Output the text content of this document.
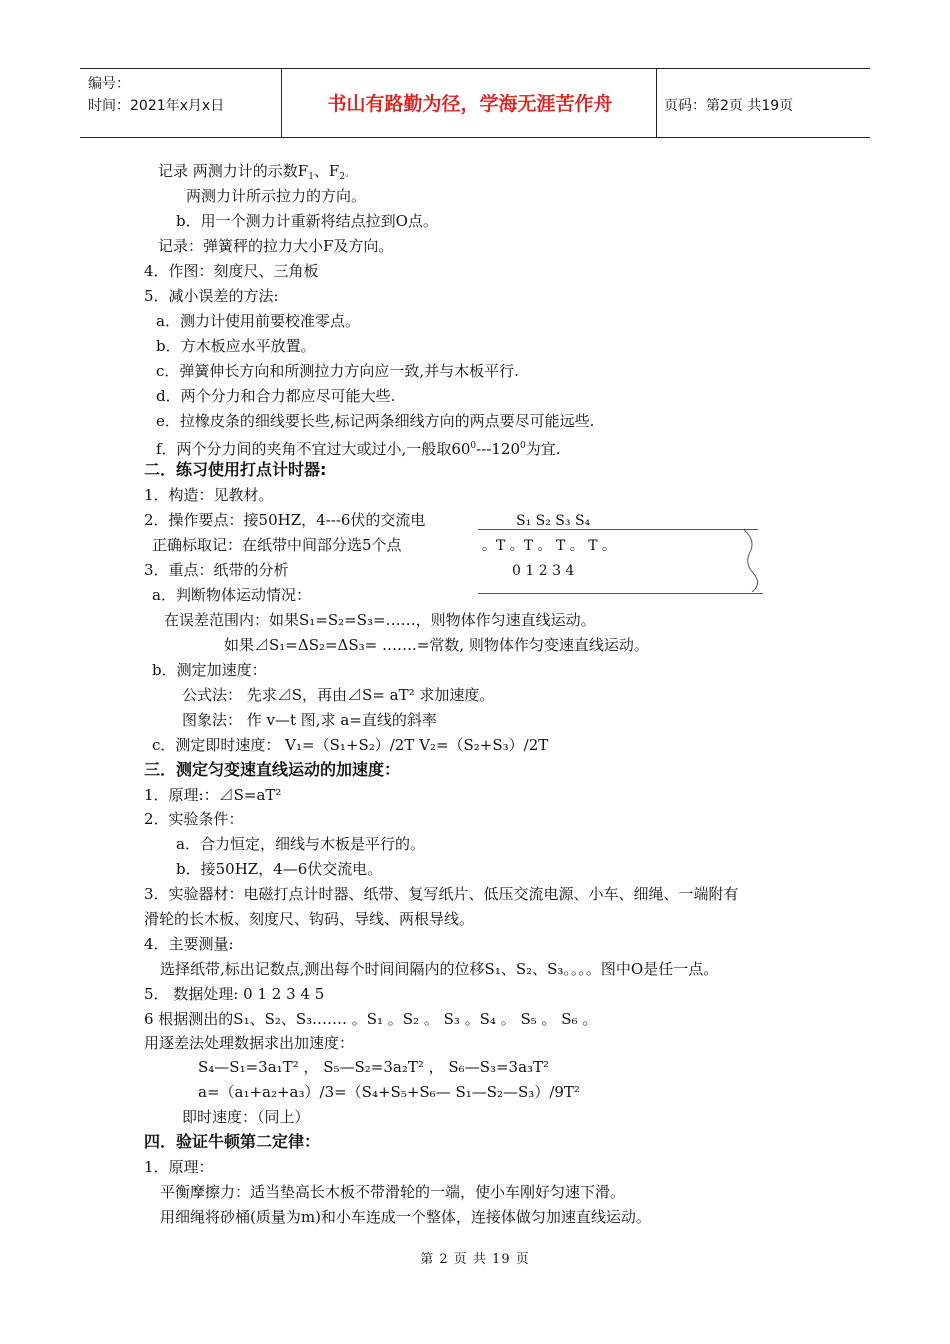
编号：
时间：2021年x月x日	书山有路勤为径，学海无涯苦作舟	页码：第2页 共19页
记录 两测力计的示数$F_1$、$F_2$。
两测力计所示拉力的方向。
b．用一个测力计重新将结点拉到O点。
记录：弹簧秤的拉力大小F及方向。
4．作图：刻度尺、三角板
5．减小误差的方法:
a．测力计使用前要校准零点。
b．方木板应水平放置。
c．弹簧伸长方向和所测拉力方向应一致,并与木板平行.
d．两个分力和合力都应尽可能大些.
e．拉橡皮条的细线要长些,标记两条细线方向的两点要尽可能远些.
f．两个分力间的夹角不宜过大或过小,一般取$60^0---120^0$为宜.
二．练习使用打点计时器:
1．构造：见教材。
2．操作要点：接50HZ，4---6伏的交流电
正确标取记：在纸带中间部分选5个点
3．重点：纸带的分析
S₁ S₂ S₃ S₄
。T 。T 。 T 。 T 。
0 1 2 3 4
a．判断物体运动情况：
在误差范围内：如果S₁=S₂=S₃=……，则物体作匀速直线运动。
如果⊿S₁=ΔS₂=ΔS₃= …….=常数, 则物体作匀变速直线运动。
b．测定加速度：
公式法： 先求⊿S，再由⊿S= aT² 求加速度。
图象法： 作 v—t 图,求 a=直线的斜率
c．测定即时速度： V₁=（S₁+S₂）/2T V₂=（S₂+S₃）/2T
三．测定匀变速直线运动的加速度：
1．原理:：⊿S=aT²
2．实验条件：
a．合力恒定，细线与木板是平行的。
b．接50HZ，4—6伏交流电。
3．实验器材：电磁打点计时器、纸带、复写纸片、低压交流电源、小车、细绳、一端附有
滑轮的长木板、刻度尺、钩码、导线、两根导线。
4．主要测量:
选择纸带,标出记数点,测出每个时间间隔内的位移S₁、S₂、S₃。。。。图中O是任一点。
5． 数据处理: 0 1 2 3 4 5
6 根据测出的S₁、S₂、S₃.…… 。S₁ 。S₂ 。 S₃ 。S₄ 。 S₅ 。 S₆ 。
用逐差法处理数据求出加速度：
S₄—S₁=3a₁T² ， S₅—S₂=3a₂T² ， S₆—S₃=3a₃T²
a=（a₁+a₂+a₃）/3=（S₄+S₅+S₆— S₁—S₂—S₃）/9T²
即时速度：（同上）
四．验证牛顿第二定律：
1．原理：
平衡摩擦力：适当垫高长木板不带滑轮的一端，使小车刚好匀速下滑。
用细绳将砂桶(质量为m)和小车连成一个整体，连接体做匀加速直线运动。
第 2 页 共 19 页
